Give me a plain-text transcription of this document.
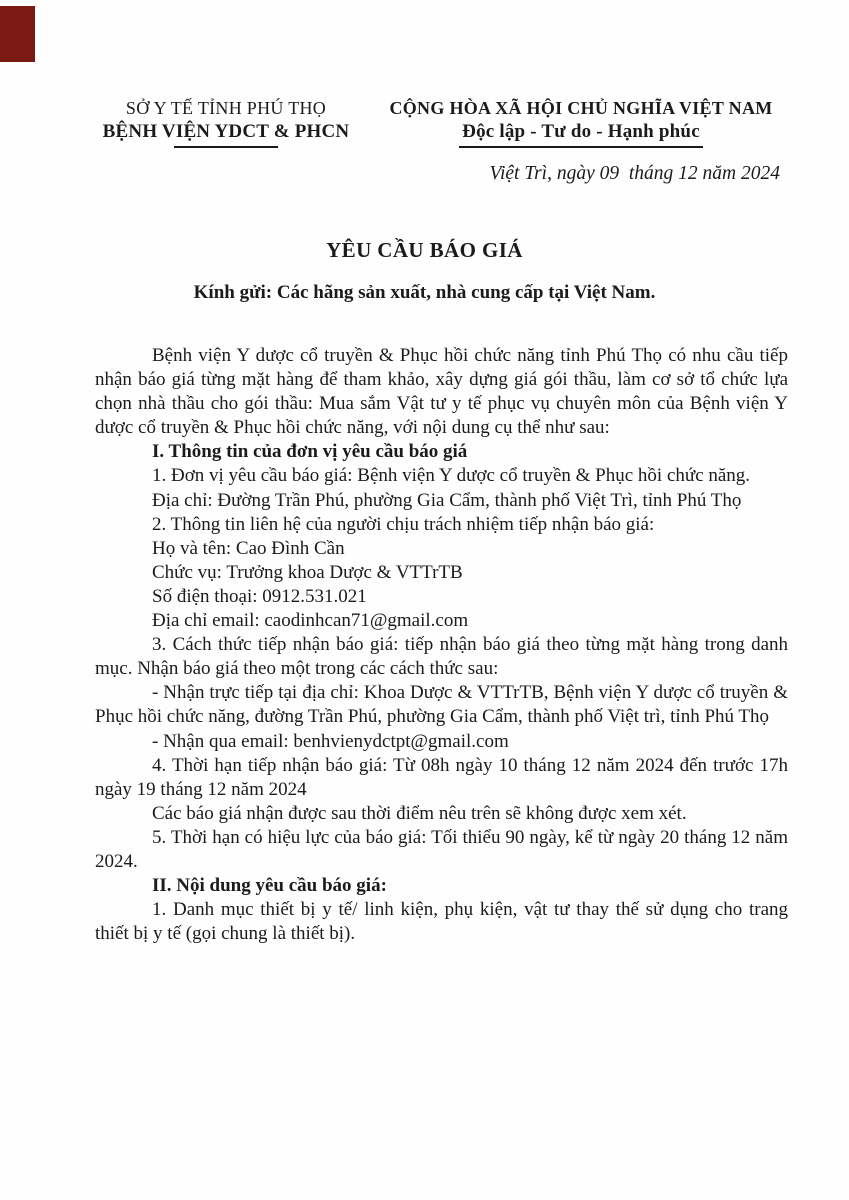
SỞ Y TẾ TỈNH PHÚ THỌ
BỆNH VIỆN YDCT & PHCN
CỘNG HÒA XÃ HỘI CHỦ NGHĨA VIỆT NAM
Độc lập - Tư do - Hạnh phúc
Việt Trì, ngày 09  tháng 12 năm 2024
YÊU CẦU BÁO GIÁ
Kính gửi: Các hãng sản xuất, nhà cung cấp tại Việt Nam.

Bệnh viện Y dược cổ truyền & Phục hồi chức năng tỉnh Phú Thọ có nhu cầu tiếp nhận báo giá từng mặt hàng để tham khảo, xây dựng giá gói thầu, làm cơ sở tổ chức lựa chọn nhà thầu cho gói thầu: Mua sắm Vật tư y tế phục vụ chuyên môn của Bệnh viện Y dược cổ truyền & Phục hồi chức năng, với nội dung cụ thể như sau:

I. Thông tin của đơn vị yêu cầu báo giá

1. Đơn vị yêu cầu báo giá: Bệnh viện Y dược cổ truyền & Phục hồi chức năng.

Địa chỉ: Đường Trần Phú, phường Gia Cẩm, thành phố Việt Trì, tỉnh Phú Thọ

2. Thông tin liên hệ của người chịu trách nhiệm tiếp nhận báo giá:

Họ và tên: Cao Đình Cần

Chức vụ: Trưởng khoa Dược & VTTrTB

Số điện thoại: 0912.531.021

Địa chỉ email: caodinhcan71@gmail.com

3. Cách thức tiếp nhận báo giá: tiếp nhận báo giá theo từng mặt hàng trong danh mục. Nhận báo giá theo một trong các cách thức sau:

- Nhận trực tiếp tại địa chỉ: Khoa Dược & VTTrTB, Bệnh viện Y dược cổ truyền & Phục hồi chức năng, đường Trần Phú, phường Gia Cẩm, thành phố Việt trì, tỉnh Phú Thọ

- Nhận qua email: benhvienydctpt@gmail.com

4. Thời hạn tiếp nhận báo giá: Từ 08h ngày 10 tháng 12 năm 2024 đến trước 17h ngày 19 tháng 12 năm 2024

Các báo giá nhận được sau thời điểm nêu trên sẽ không được xem xét.

5. Thời hạn có hiệu lực của báo giá: Tối thiểu 90 ngày, kể từ ngày 20 tháng 12 năm 2024.

II. Nội dung yêu cầu báo giá:

1. Danh mục thiết bị y tế/ linh kiện, phụ kiện, vật tư thay thế sử dụng cho trang thiết bị y tế (gọi chung là thiết bị).
